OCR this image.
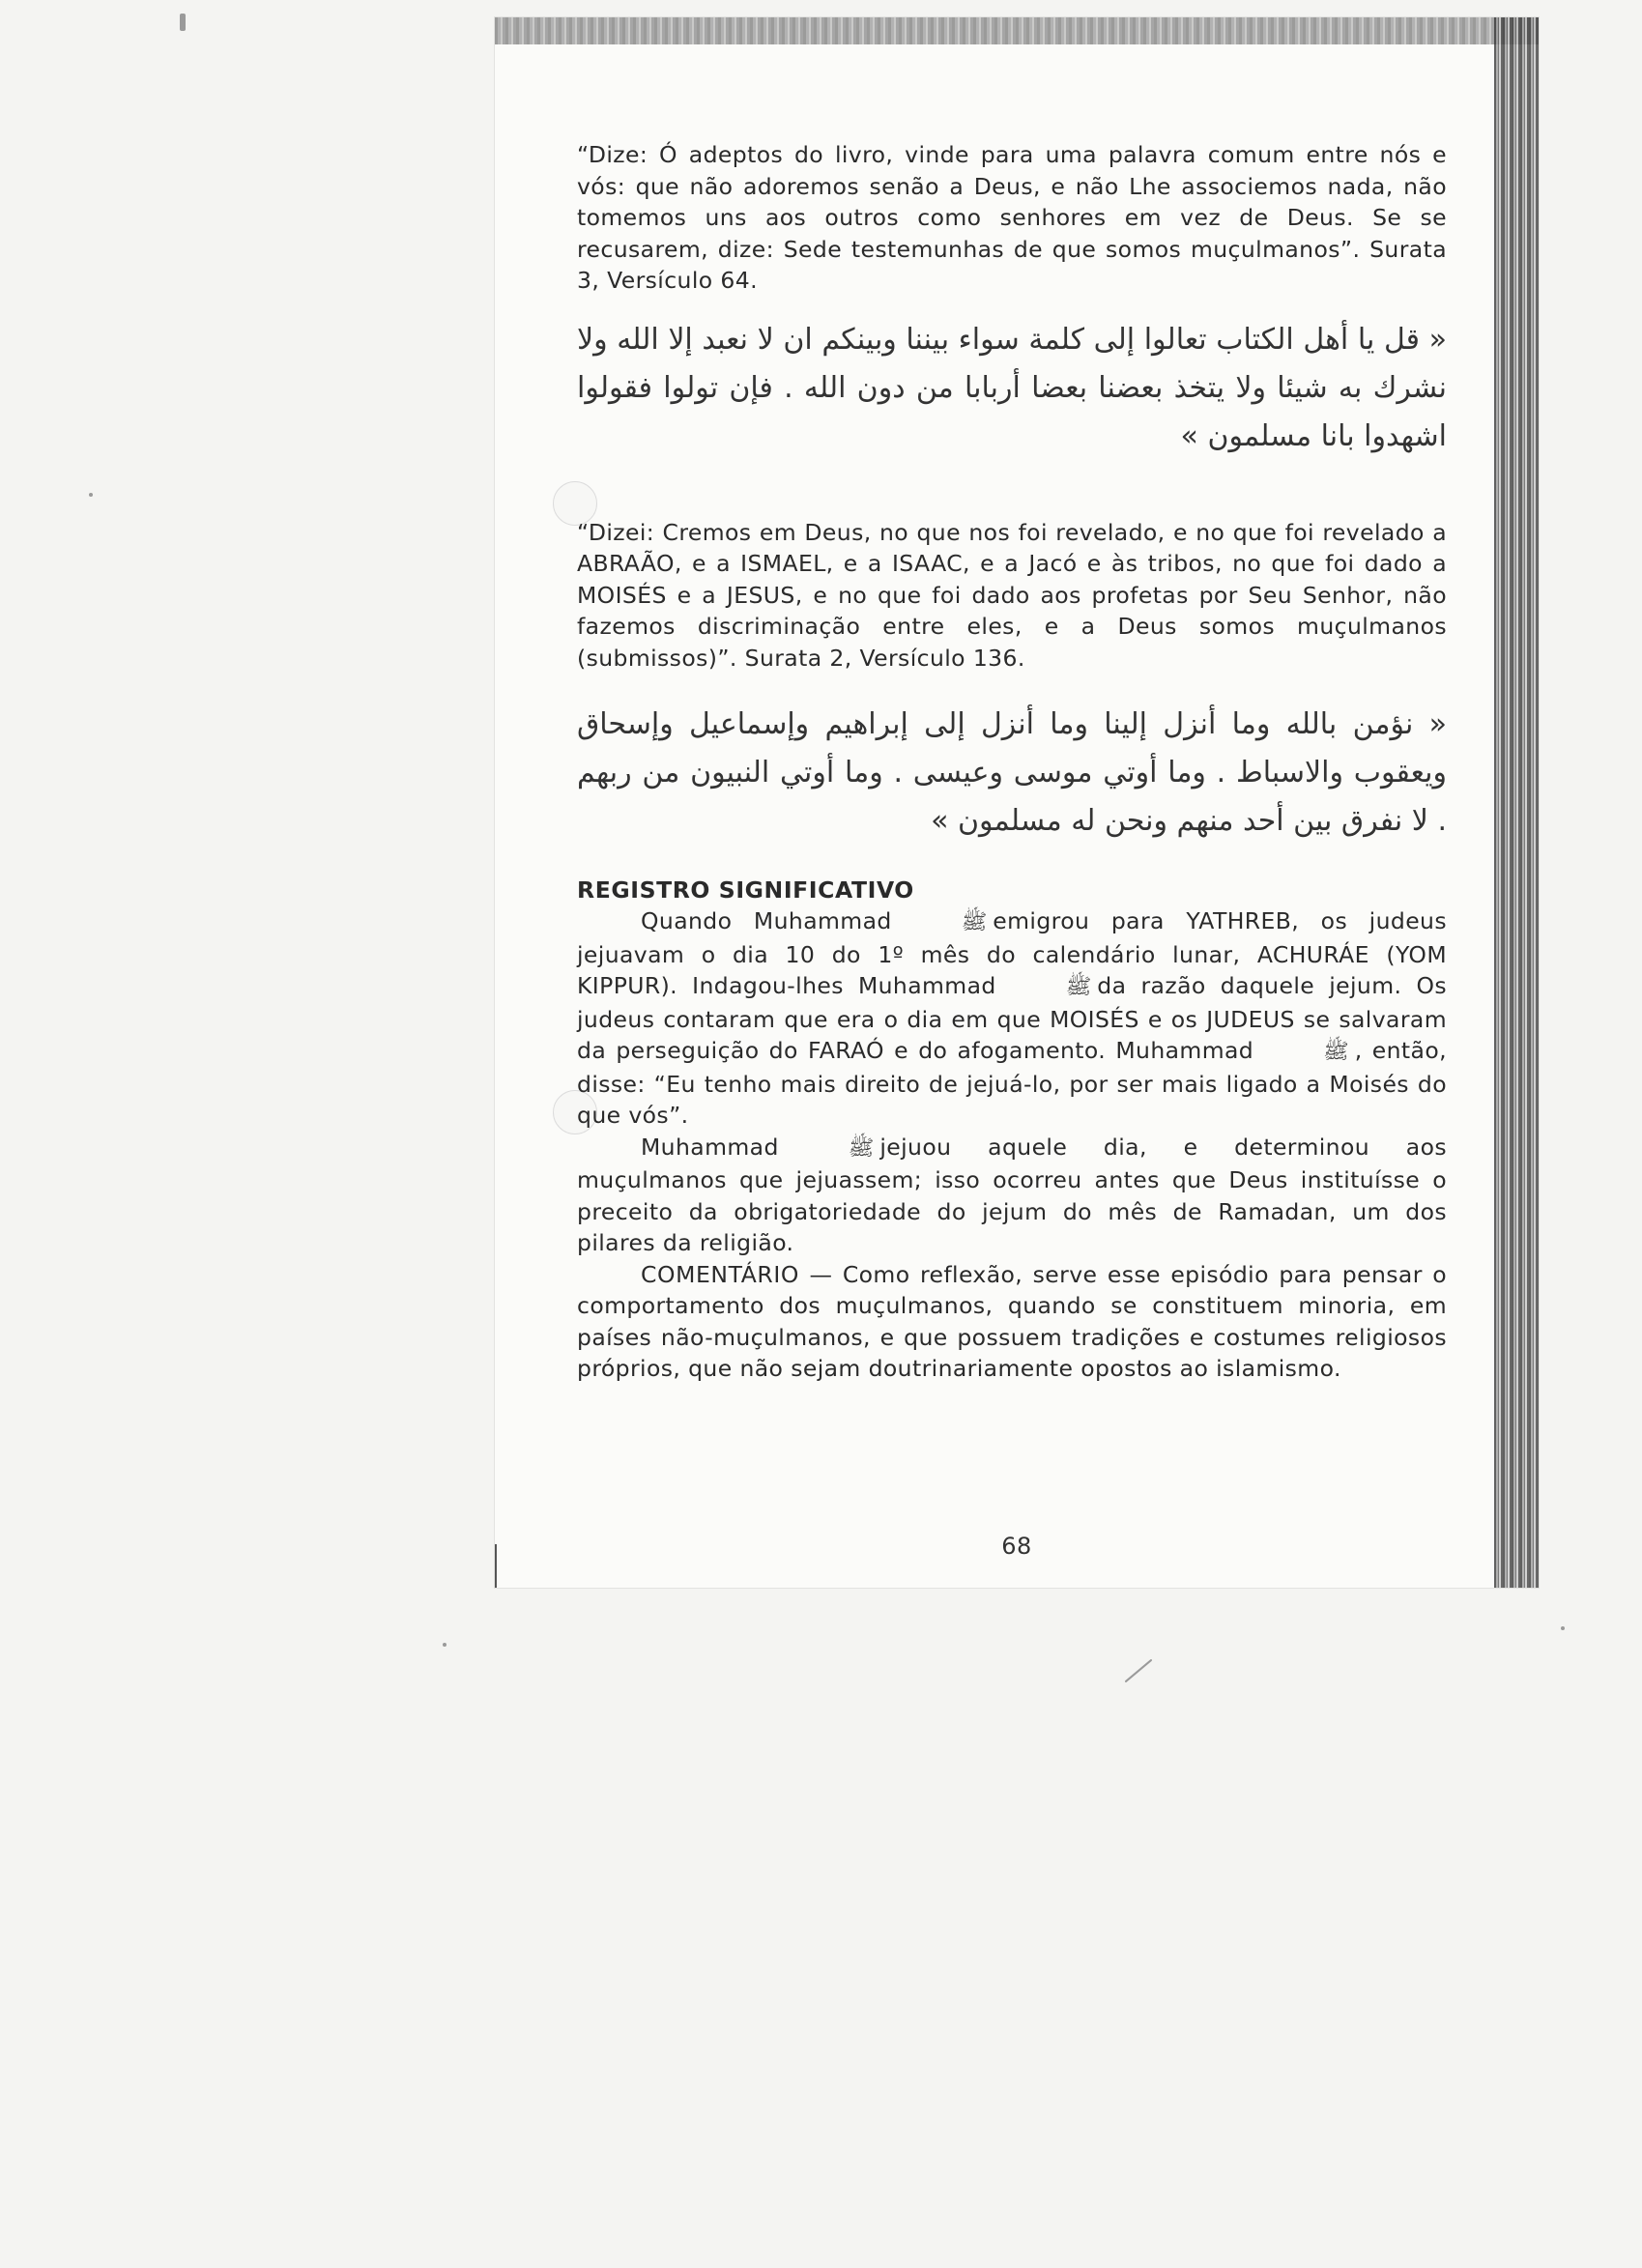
“Dize: Ó adeptos do livro, vinde para uma palavra comum entre nós e vós: que não adoremos senão a Deus, e não Lhe associemos nada, não tomemos uns aos outros como senhores em vez de Deus. Se se recusarem, dize: Sede testemunhas de que somos muçulmanos”. Surata 3, Versículo 64.

« قل يا أهل الكتاب تعالوا إلى كلمة سواء بيننا وبينكم ان لا نعبد إلا الله ولا نشرك به شيئا ولا يتخذ بعضنا بعضا أربابا من دون الله . فإن تولوا فقولوا اشهدوا بانا مسلمون »

“Dizei: Cremos em Deus, no que nos foi revelado, e no que foi revelado a ABRAÃO, e a ISMAEL, e a ISAAC, e a Jacó e às tribos, no que foi dado a MOISÉS e a JESUS, e no que foi dado aos profetas por Seu Senhor, não fazemos discriminação entre eles, e a Deus somos muçulmanos (submissos)”. Surata 2, Versículo 136.

« نؤمن بالله وما أنزل إلينا وما أنزل إلى إبراهيم وإسماعيل وإسحاق ويعقوب والاسباط . وما أوتي موسى وعيسى . وما أوتي النبيون من ربهم . لا نفرق بين أحد منهم ونحن له مسلمون »

REGISTRO SIGNIFICATIVO

Quando Muhammad	ﷺ emigrou para YATHREB, os judeus jejuavam o dia 10 do 1º mês do calendário lunar, ACHURÁE (YOM KIPPUR). Indagou-lhes Muhammad	ﷺ da razão daquele jejum. Os judeus contaram que era o dia em que MOISÉS e os JUDEUS se salvaram da perseguição do FARAÓ e do afogamento. Muhammad	ﷺ , então, disse: “Eu tenho mais direito de jejuá-lo, por ser mais ligado a Moisés do que vós”.

Muhammad	ﷺ jejuou aquele dia, e determinou aos muçulmanos que jejuassem; isso ocorreu antes que Deus instituísse o preceito da obrigatoriedade do jejum do mês de Ramadan, um dos pilares da religião.

COMENTÁRIO — Como reflexão, serve esse episódio para pensar o comportamento dos muçulmanos, quando se constituem minoria, em países não-muçulmanos, e que possuem tradições e costumes religiosos próprios, que não sejam doutrinariamente opostos ao islamismo.

68
